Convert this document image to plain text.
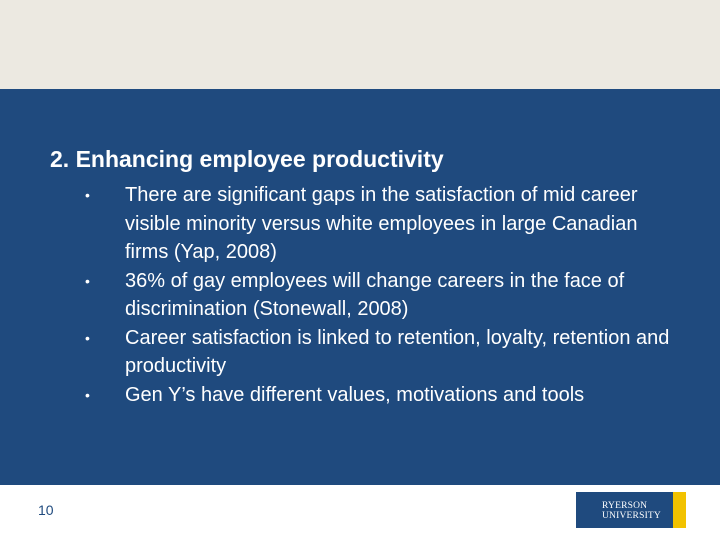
2. Enhancing employee productivity
• There are significant gaps in the satisfaction of mid career visible minority versus white employees in large Canadian firms (Yap, 2008)
• 36% of gay employees will change careers in the face of discrimination (Stonewall, 2008)
• Career satisfaction is linked to retention, loyalty, retention and productivity
• Gen Y’s have different values, motivations and tools
10	RYERSON
UNIVERSITY
